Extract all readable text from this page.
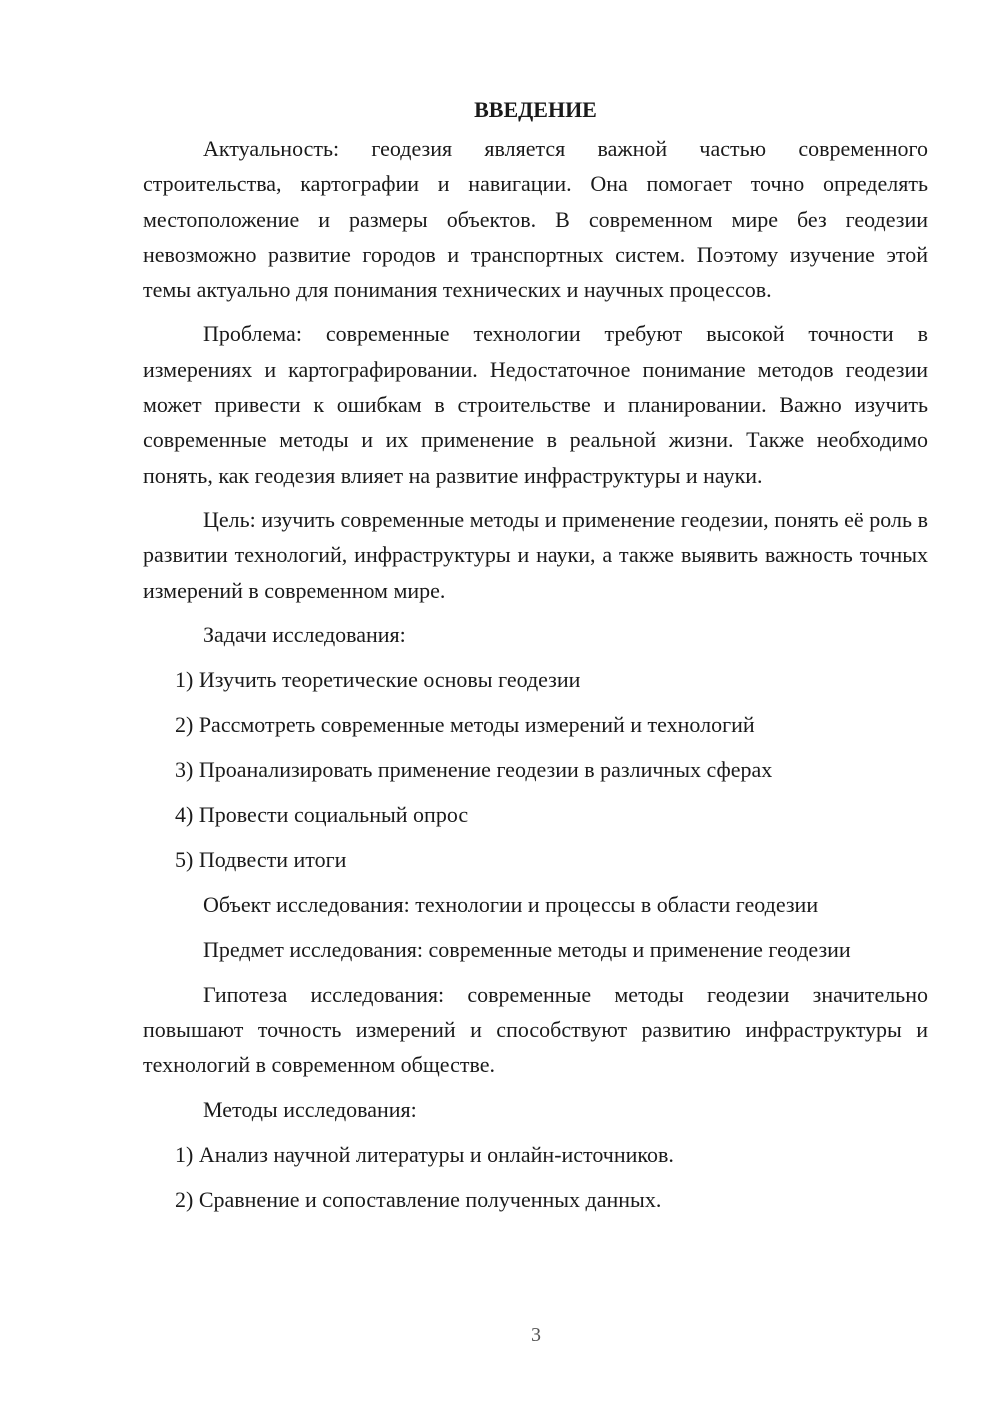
ВВЕДЕНИЕ

Актуальность: геодезия является важной частью современного строительства, картографии и навигации. Она помогает точно определять местоположение и размеры объектов. В современном мире без геодезии невозможно развитие городов и транспортных систем. Поэтому изучение этой темы актуально для понимания технических и научных процессов.

Проблема: современные технологии требуют высокой точности в измерениях и картографировании. Недостаточное понимание методов геодезии может привести к ошибкам в строительстве и планировании. Важно изучить современные методы и их применение в реальной жизни. Также необходимо понять, как геодезия влияет на развитие инфраструктуры и науки.

Цель: изучить современные методы и применение геодезии, понять её роль в развитии технологий, инфраструктуры и науки, а также выявить важность точных измерений в современном мире.

Задачи исследования:
1) Изучить теоретические основы геодезии
2) Рассмотреть современные методы измерений и технологий
3) Проанализировать применение геодезии в различных сферах
4) Провести социальный опрос
5) Подвести итоги
Объект исследования: технологии и процессы в области геодезии
Предмет исследования: современные методы и применение геодезии

Гипотеза исследования: современные методы геодезии значительно повышают точность измерений и способствуют развитию инфраструктуры и технологий в современном обществе.

Методы исследования:
1) Анализ научной литературы и онлайн-источников.
2) Сравнение и сопоставление полученных данных.
3
